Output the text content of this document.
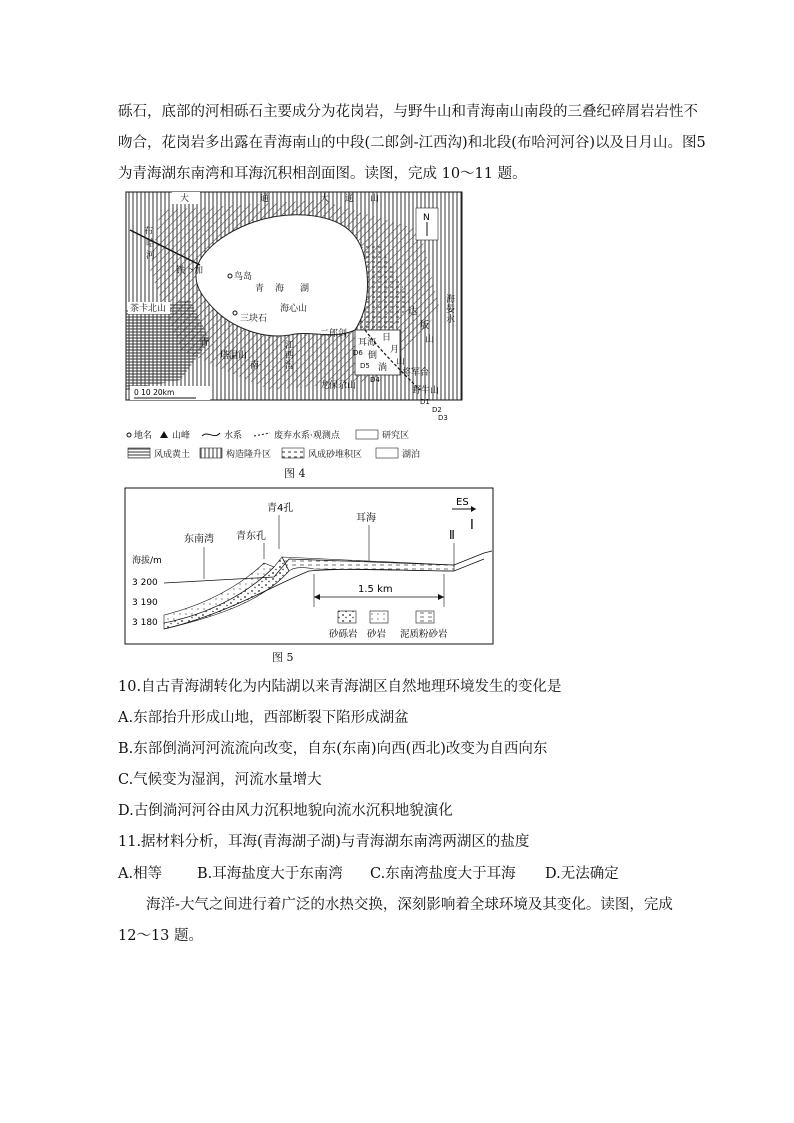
砾石，底部的河相砾石主要成分为花岗岩，与野牛山和青海南山南段的三叠纪碎屑岩岩性不

吻合，花岗岩多出露在青海南山的中段(二郎剑-江西沟)和北段(布哈河河谷)以及日月山。图5

为青海湖东南湾和耳海沉积相剖面图。读图，完成 10～11 题。

大	通	大 通 山
布
哈
河
铁卜加
鸟岛
青 海 湖
海心山
三块石
茶卡北山
青
塔温山
南
江
西
沟
二郎剑
耳海
龙保尕山
将军台
野牛山
海
晏
水
达
坂
山
日
月
山
倒
淌
D6
D5
D4
D1
D2
D3
N
0 10 20km
地名 山峰	水系	废弃水系·观测点	研究区
风成黄土	构造隆升区	风成砂堆积区	湖泊
图 4
ES
Ⅰ
Ⅱ
青4孔
青东孔
东南湾
耳海
海拔/m
3 200
3 190
3 180
1.5 km
砂砾岩 砂岩 泥质粉砂岩
图 5

10.自古青海湖转化为内陆湖以来青海湖区自然地理环境发生的变化是

A.东部抬升形成山地，西部断裂下陷形成湖盆

B.东部倒淌河河流流向改变，自东(东南)向西(西北)改变为自西向东

C.气候变为湿润，河流水量增大

D.古倒淌河河谷由风力沉积地貌向流水沉积地貌演化

11.据材料分析，耳海(青海湖子湖)与青海湖东南湾两湖区的盐度

A.相等 B.耳海盐度大于东南湾 C.东南湾盐度大于耳海 D.无法确定

海洋-大气之间进行着广泛的水热交换，深刻影响着全球环境及其变化。读图，完成

12～13 题。
